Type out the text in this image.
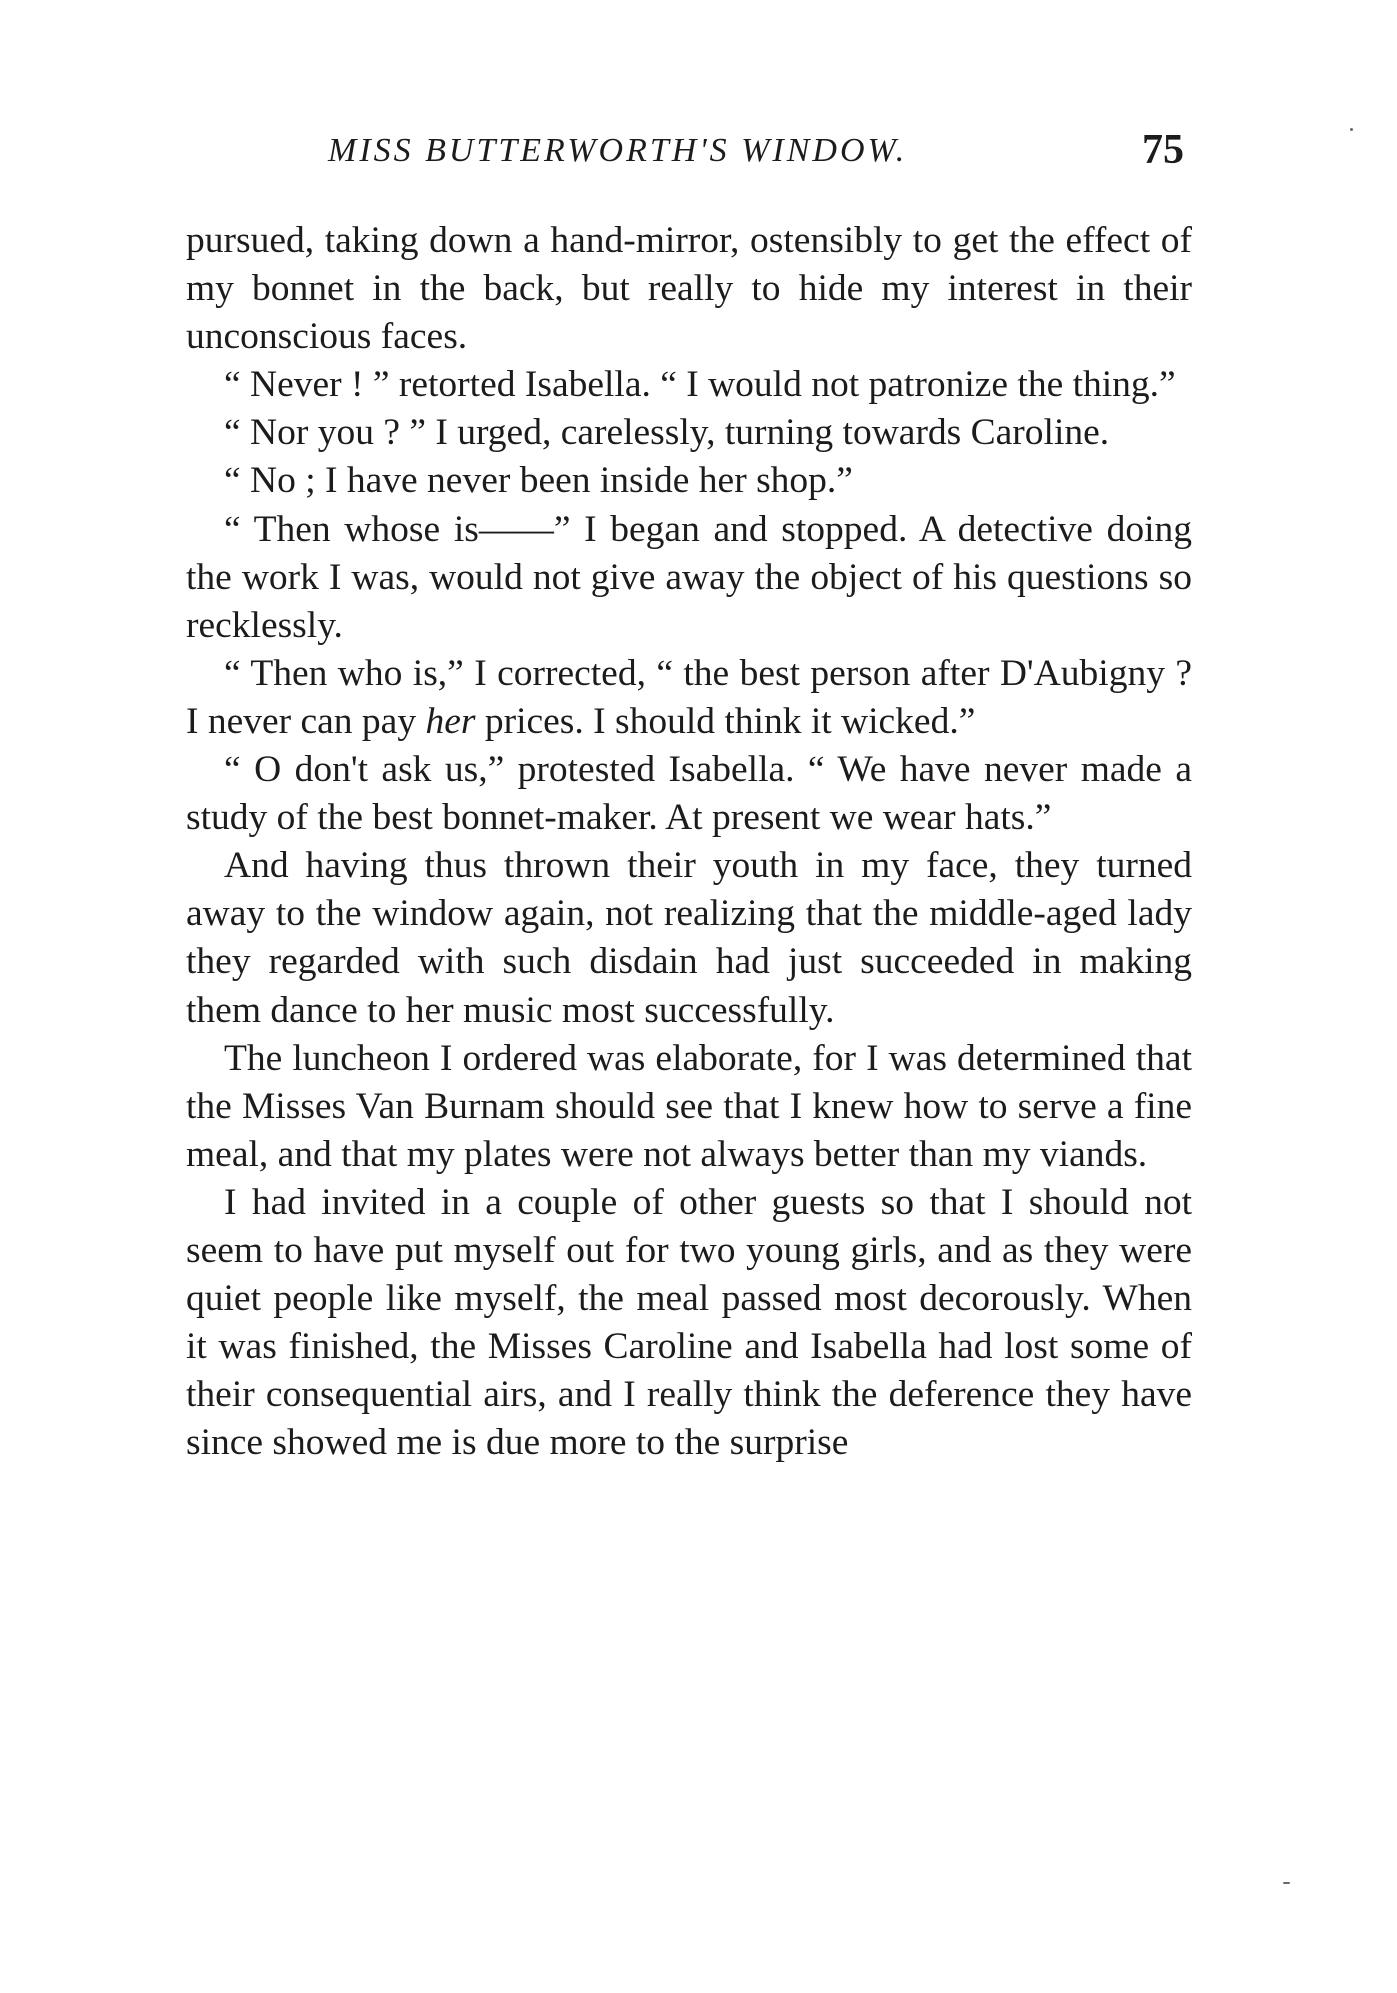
MISS BUTTERWORTH'S WINDOW.	75

pursued, taking down a hand-mirror, ostensibly to get the effect of my bonnet in the back, but really to hide my interest in their unconscious faces.

“ Never ! ” retorted Isabella. “ I would not patronize the thing.”

“ Nor you ? ” I urged, carelessly, turning towards Caroline.

“ No ; I have never been inside her shop.”

“ Then whose is——” I began and stopped. A detective doing the work I was, would not give away the object of his questions so recklessly.

“ Then who is,” I corrected, “ the best person after D'Aubigny ? I never can pay her prices. I should think it wicked.”

“ O don't ask us,” protested Isabella. “ We have never made a study of the best bonnet-maker. At present we wear hats.”

And having thus thrown their youth in my face, they turned away to the window again, not realizing that the middle-aged lady they regarded with such disdain had just succeeded in making them dance to her music most successfully.

The luncheon I ordered was elaborate, for I was determined that the Misses Van Burnam should see that I knew how to serve a fine meal, and that my plates were not always better than my viands.

I had invited in a couple of other guests so that I should not seem to have put myself out for two young girls, and as they were quiet people like myself, the meal passed most decorously. When it was finished, the Misses Caroline and Isabella had lost some of their consequential airs, and I really think the deference they have since showed me is due more to the surprise
